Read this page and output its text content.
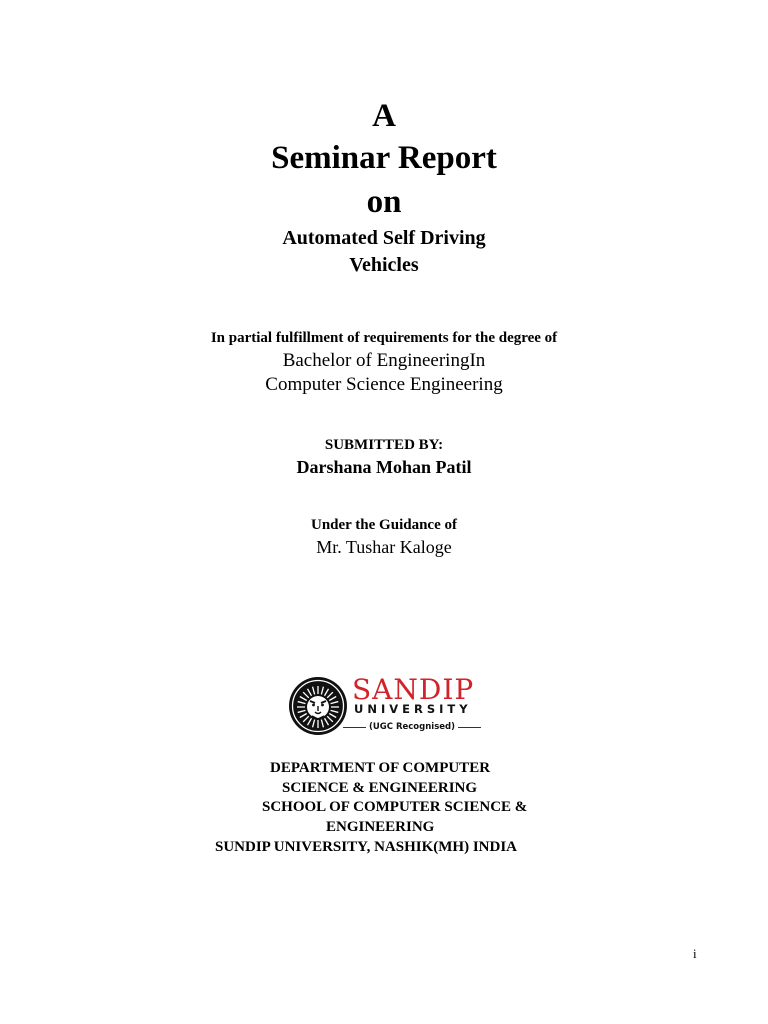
A
Seminar Report
on
Automated Self Driving
Vehicles
In partial fulfillment of requirements for the degree of
Bachelor of EngineeringIn
Computer Science Engineering
SUBMITTED BY:
Darshana Mohan Patil
Under the Guidance of
Mr. Tushar Kaloge
SANDIP
UNIVERSITY
(UGC Recognised)
DEPARTMENT OF COMPUTER
SCIENCE & ENGINEERING
SCHOOL OF COMPUTER SCIENCE &
ENGINEERING
SUNDIP UNIVERSITY, NASHIK(MH) INDIA
i
